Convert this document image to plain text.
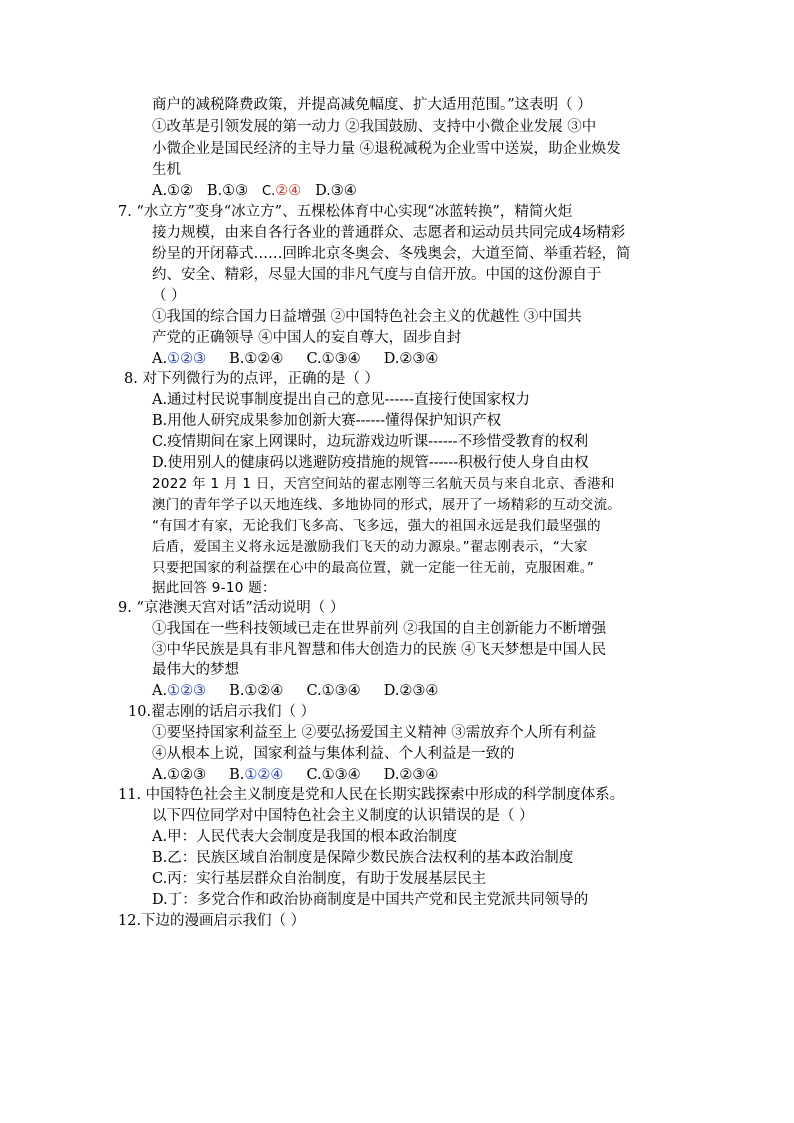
商户的减税降费政策，并提高减免幅度、扩大适用范围。”这表明（ ）
①改革是引领发展的第一动力 ②我国鼓励、支持中小微企业发展 ③中
小微企业是国民经济的主导力量 ④退税减税为企业雪中送炭，助企业焕发
生机
A.①② B.①③ C.②④ D.③④
7. “水立方”变身“冰立方”、五棵松体育中心实现“冰蓝转换”，精简火炬
接力规模，由来自各行各业的普通群众、志愿者和运动员共同完成4场精彩
纷呈的开闭幕式……回眸北京冬奥会、冬残奥会，大道至简、举重若轻，简
约、安全、精彩，尽显大国的非凡气度与自信开放。中国的这份源自于
（ ）
①我国的综合国力日益增强 ②中国特色社会主义的优越性 ③中国共
产党的正确领导 ④中国人的妄自尊大，固步自封
A.①②③ B.①②④ C.①③④ D.②③④
8. 对下列微行为的点评，正确的是（ ）
A.通过村民说事制度提出自己的意见------直接行使国家权力
B.用他人研究成果参加创新大赛------懂得保护知识产权
C.疫情期间在家上网课时，边玩游戏边听课------不珍惜受教育的权利
D.使用别人的健康码以逃避防疫措施的规管------积极行使人身自由权
2022 年 1 月 1 日，天宫空间站的翟志刚等三名航天员与来自北京、香港和
澳门的青年学子以天地连线、多地协同的形式，展开了一场精彩的互动交流。
“有国才有家，无论我们飞多高、飞多远，强大的祖国永远是我们最坚强的
后盾，爱国主义将永远是激励我们飞天的动力源泉。”翟志刚表示，“大家
只要把国家的利益摆在心中的最高位置，就一定能一往无前，克服困难。”
据此回答 9-10 题：
9. “京港澳天宫对话”活动说明（ ）
①我国在一些科技领域已走在世界前列 ②我国的自主创新能力不断增强
③中华民族是具有非凡智慧和伟大创造力的民族 ④飞天梦想是中国人民
最伟大的梦想
A.①②③ B.①②④ C.①③④ D.②③④
10.翟志刚的话启示我们（ ）
①要坚持国家利益至上 ②要弘扬爱国主义精神 ③需放弃个人所有利益
④从根本上说，国家利益与集体利益、个人利益是一致的
A.①②③ B.①②④ C.①③④ D.②③④
11. 中国特色社会主义制度是党和人民在长期实践探索中形成的科学制度体系。
以下四位同学对中国特色社会主义制度的认识错误的是（ ）
A.甲：人民代表大会制度是我国的根本政治制度
B.乙：民族区域自治制度是保障少数民族合法权利的基本政治制度
C.丙：实行基层群众自治制度，有助于发展基层民主
D.丁：多党合作和政治协商制度是中国共产党和民主党派共同领导的
12.下边的漫画启示我们（ ）
